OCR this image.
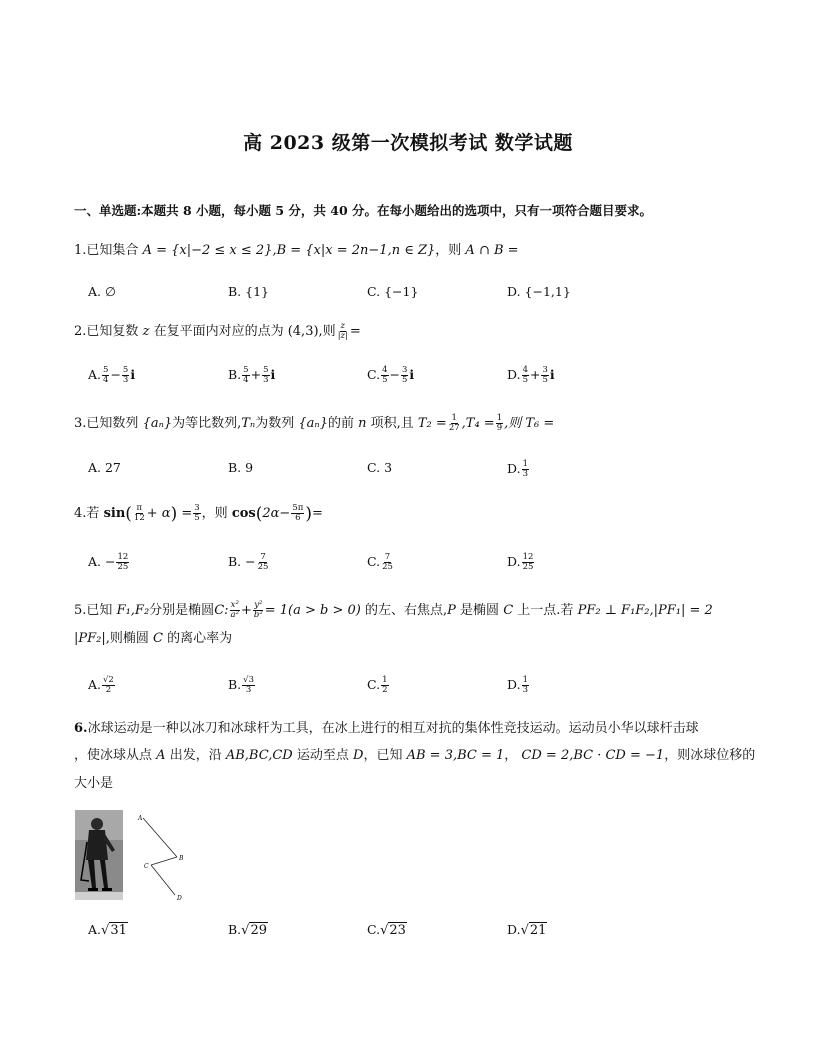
高 2023 级第一次模拟考试 数学试题
一、单选题:本题共 8 小题，每小题 5 分，共 40 分。在每小题给出的选项中，只有一项符合题目要求。
1.已知集合 A = {x|−2 ≤ x ≤ 2},B = {x|x = 2n−1,n ∈ Z}，则 A ∩ B =
A. ∅	B. {1}	C. {−1}	D. {−1,1}
2.已知复数 z 在复平面内对应的点为 (4,3),则 $\frac{z}{|z|}$ =
A. $\frac{5}{4} - \frac{5}{3}$ i	B. $\frac{5}{4} + \frac{5}{3}$ i	C. $\frac{4}{5} - \frac{3}{5}$ i	D. $\frac{4}{5} + \frac{3}{5}$ i
3.已知数列 {aₙ}为等比数列,Tₙ为数列 {aₙ}的前 n 项积,且 $T_2 = \frac{1}{27} ,T_4 = \frac{1}{9}$ ,则 T₆ =
A. 27	B. 9	C. 3	D. $\frac{1}{3}$
4.若 $\sin( \frac{\pi}{12} + \alpha) = \frac{3}{5}$ ，则 $\cos(2\alpha- \frac{5\pi}{6}$ )=
A. − $\frac{12}{25}$	B. − $\frac{7}{25}$	C. $\frac{7}{25}$	D. $\frac{12}{25}$
5.已知 F₁,F₂分别是椭圆C: $\frac{\text{x²}}{\text{a²}} + \frac{\text{y²}}{\text{b²}} = 1(a > b > 0)$ 的左、右焦点,P 是椭圆 C 上一点.若 PF₂ ⊥ F₁F₂,|PF₁| = 2
|PF₂|,则椭圆 C 的离心率为
A. $\frac{√2}{2}$	B. $\frac{√3}{3}$	C. $\frac{1}{2}$	D. $\frac{1}{3}$
6.冰球运动是一种以冰刀和冰球杆为工具，在冰上进行的相互对抗的集体性竞技运动。运动员小华以球杆击球
，使冰球从点 A 出发，沿 AB,BC,CD 运动至点 D，已知 AB = 3,BC = 1， CD = 2,BC · CD = −1，则冰球位移的
大小是
A
B
C
D
A.√31	B.√29	C.√23	D.√21
